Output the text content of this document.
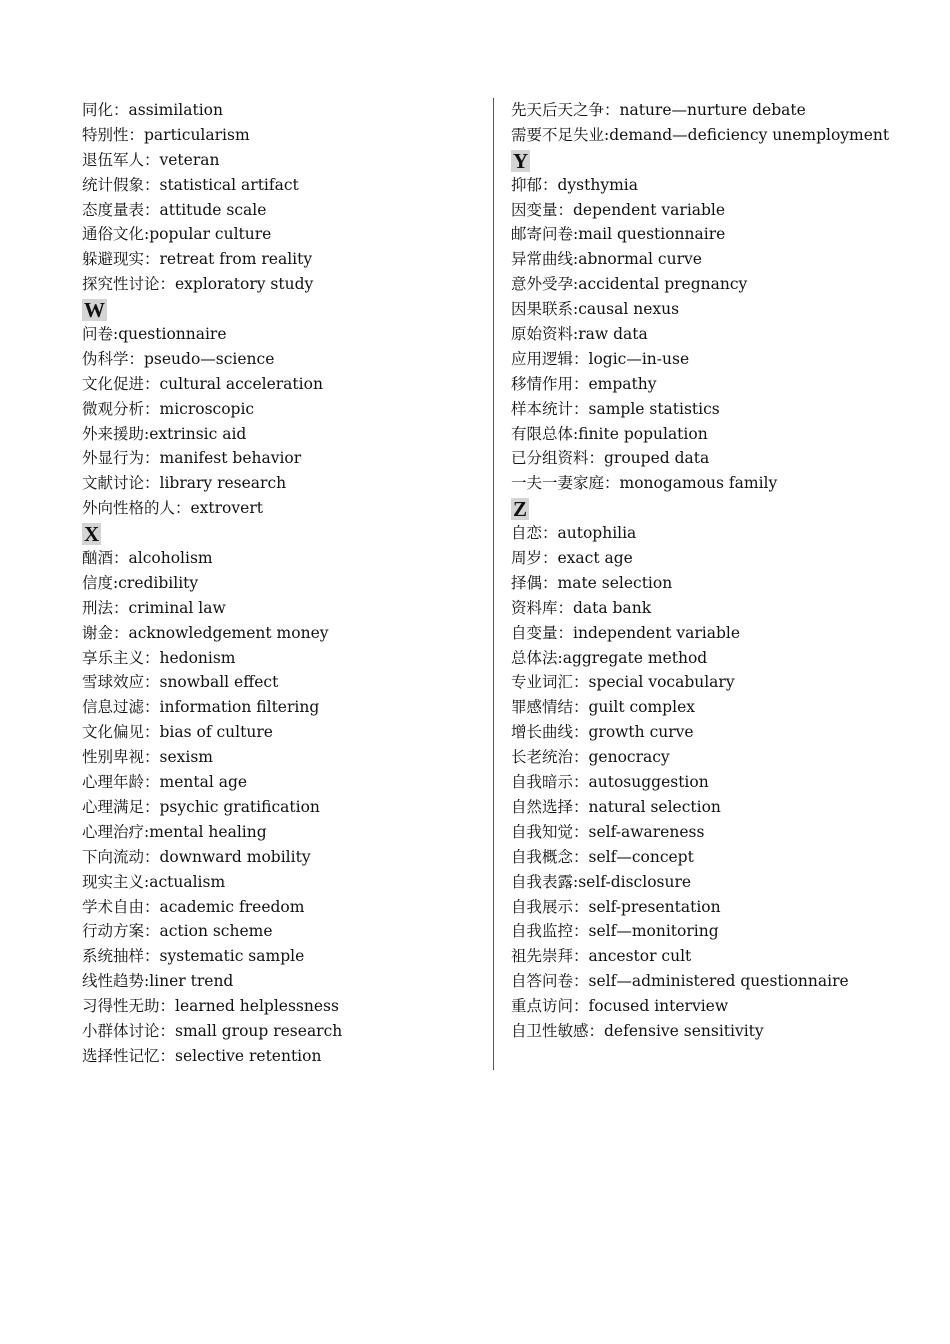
同化：assimilation
特别性：particularism
退伍军人：veteran
统计假象：statistical artifact
态度量表：attitude scale
通俗文化:popular culture
躲避现实：retreat from reality
探究性讨论：exploratory study
W
问卷:questionnaire
伪科学：pseudo—science
文化促进：cultural acceleration
微观分析：microscopic
外来援助:extrinsic aid
外显行为：manifest behavior
文献讨论：library research
外向性格的人：extrovert
X
酗酒：alcoholism
信度:credibility
刑法：criminal law
谢金：acknowledgement money
享乐主义：hedonism
雪球效应：snowball effect
信息过滤：information filtering
文化偏见：bias of culture
性别卑视：sexism
心理年龄：mental age
心理满足：psychic gratification
心理治疗:mental healing
下向流动：downward mobility
现实主义:actualism
学术自由：academic freedom
行动方案：action scheme
系统抽样：systematic sample
线性趋势:liner trend
习得性无助：learned helplessness
小群体讨论：small group research
选择性记忆：selective retention
先天后天之争：nature—nurture debate
需要不足失业:demand—deficiency unemployment
Y
抑郁：dysthymia
因变量：dependent variable
邮寄问卷:mail questionnaire
异常曲线:abnormal curve
意外受孕:accidental pregnancy
因果联系:causal nexus
原始资料:raw data
应用逻辑：logic—in-use
移情作用：empathy
样本统计：sample statistics
有限总体:finite population
已分组资料：grouped data
一夫一妻家庭：monogamous family
Z
自恋：autophilia
周岁：exact age
择偶：mate selection
资料库：data bank
自变量：independent variable
总体法:aggregate method
专业词汇：special vocabulary
罪感情结：guilt complex
增长曲线：growth curve
长老统治：genocracy
自我暗示：autosuggestion
自然选择：natural selection
自我知觉：self-awareness
自我概念：self—concept
自我表露:self-disclosure
自我展示：self-presentation
自我监控：self—monitoring
祖先崇拜：ancestor cult
自答问卷：self—administered questionnaire
重点访问：focused interview
自卫性敏感：defensive sensitivity
